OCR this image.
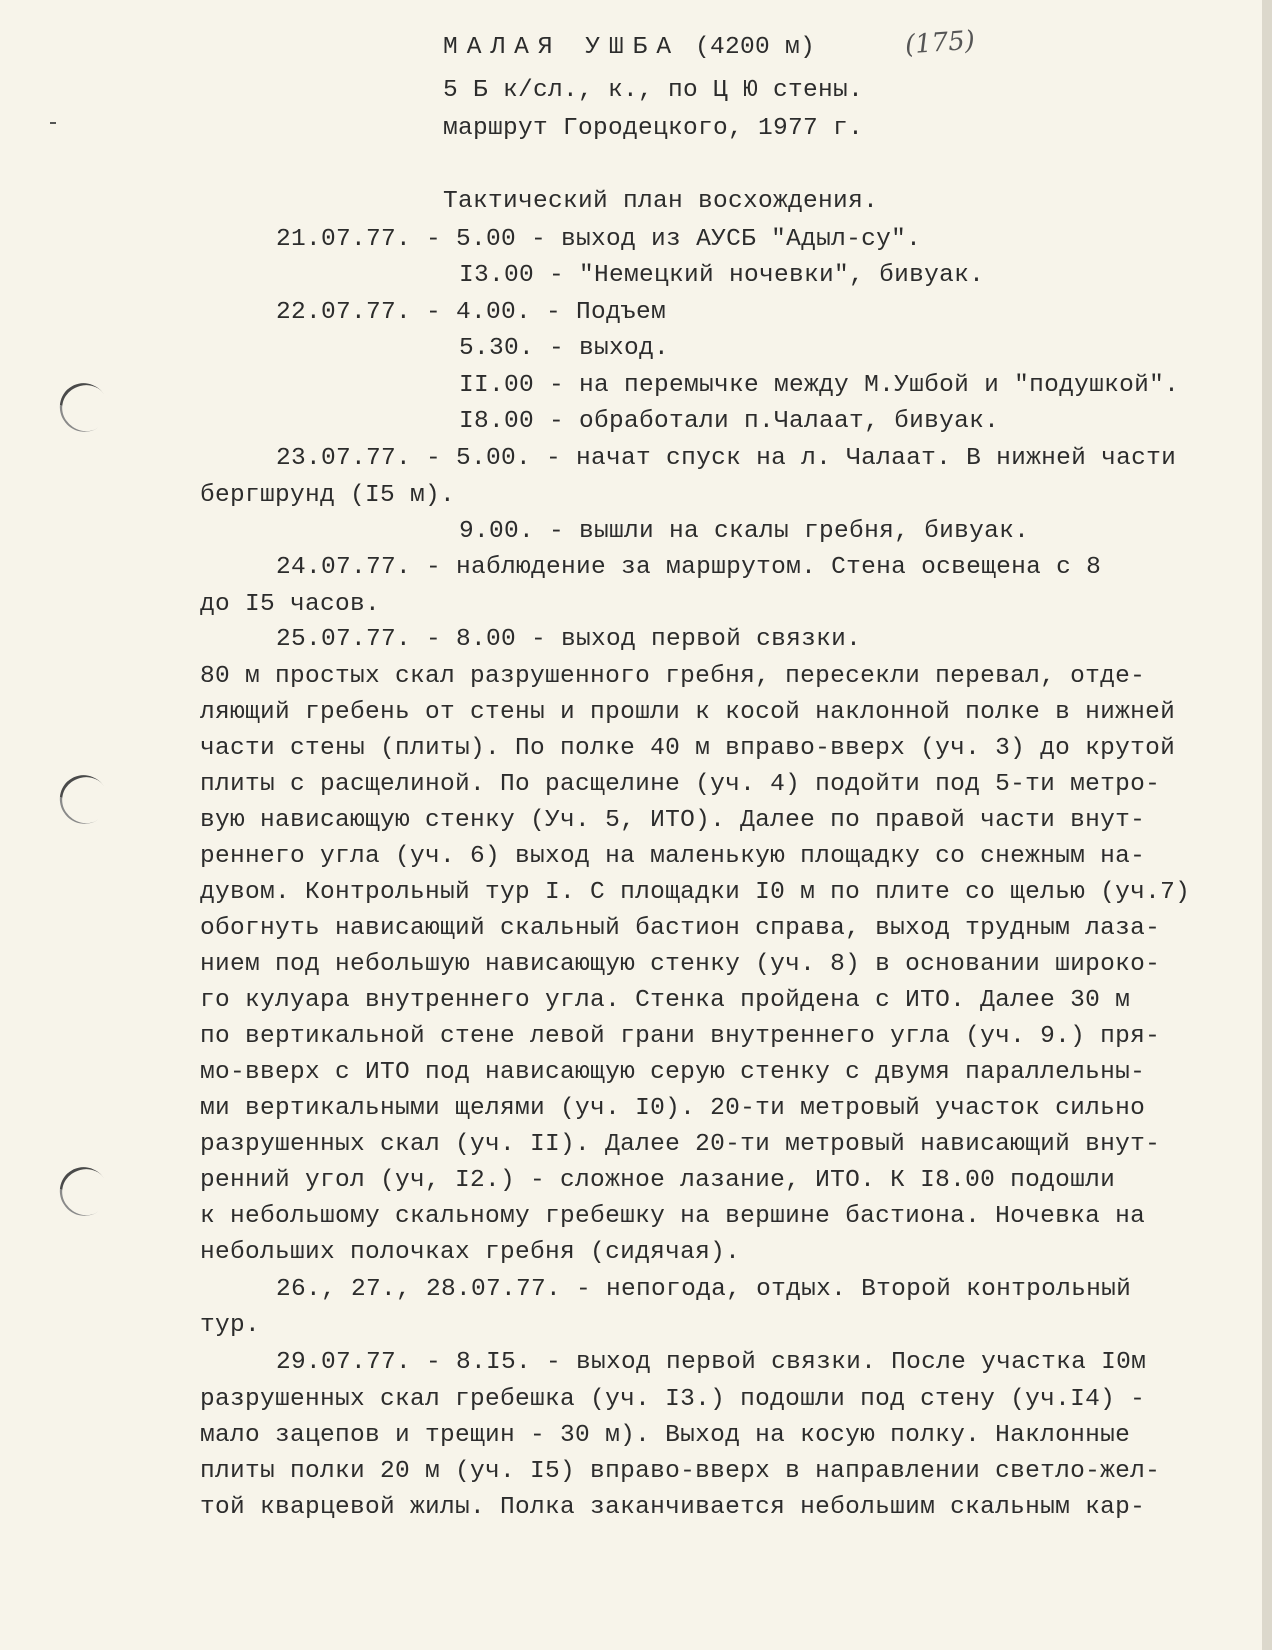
МАЛАЯ УШБА (4200 м)	(175)
5 Б к/сл., к., по Ц Ю стены.
маршрут Городецкого, 1977 г.
Тактический план восхождения.
21.07.77. - 5.00 - выход из АУСБ "Адыл-су".
I3.00 - "Немецкий ночевки", бивуак.
22.07.77. - 4.00. - Подъем
5.30. - выход.
II.00 - на перемычке между М.Ушбой и "подушкой".
I8.00 - обработали п.Чалаат, бивуак.
23.07.77. - 5.00. - начат спуск на л. Чалаат. В нижней части
бергшрунд (I5 м).
9.00. - вышли на скалы гребня, бивуак.
24.07.77. - наблюдение за маршрутом. Стена освещена с 8
до I5 часов.
25.07.77. - 8.00 - выход первой связки.
80 м простых скал разрушенного гребня, пересекли перевал, отде-
ляющий гребень от стены и прошли к косой наклонной полке в нижней
части стены (плиты). По полке 40 м вправо-вверх (уч. 3) до крутой
плиты с расщелиной. По расщелине (уч. 4) подойти под 5-ти метро-
вую нависающую стенку (Уч. 5, ИТО). Далее по правой части внут-
реннего угла (уч. 6) выход на маленькую площадку со снежным на-
дувом. Контрольный тур I. С площадки I0 м по плите со щелью (уч.7)
обогнуть нависающий скальный бастион справа, выход трудным лаза-
нием под небольшую нависающую стенку (уч. 8) в основании широко-
го кулуара внутреннего угла. Стенка пройдена с ИТО. Далее 30 м
по вертикальной стене левой грани внутреннего угла (уч. 9.) пря-
мо-вверх с ИТО под нависающую серую стенку с двумя параллельны-
ми вертикальными щелями (уч. I0). 20-ти метровый участок сильно
разрушенных скал (уч. II). Далее 20-ти метровый нависающий внут-
ренний угол (уч, I2.) - сложное лазание, ИТО. К I8.00 подошли
к небольшому скальному гребешку на вершине бастиона. Ночевка на
небольших полочках гребня (сидячая).
26., 27., 28.07.77. - непогода, отдых. Второй контрольный
тур.
29.07.77. - 8.I5. - выход первой связки. После участка I0м
разрушенных скал гребешка (уч. I3.) подошли под стену (уч.I4) -
мало зацепов и трещин - 30 м). Выход на косую полку. Наклонные
плиты полки 20 м (уч. I5) вправо-вверх в направлении светло-жел-
той кварцевой жилы. Полка заканчивается небольшим скальным кар-
